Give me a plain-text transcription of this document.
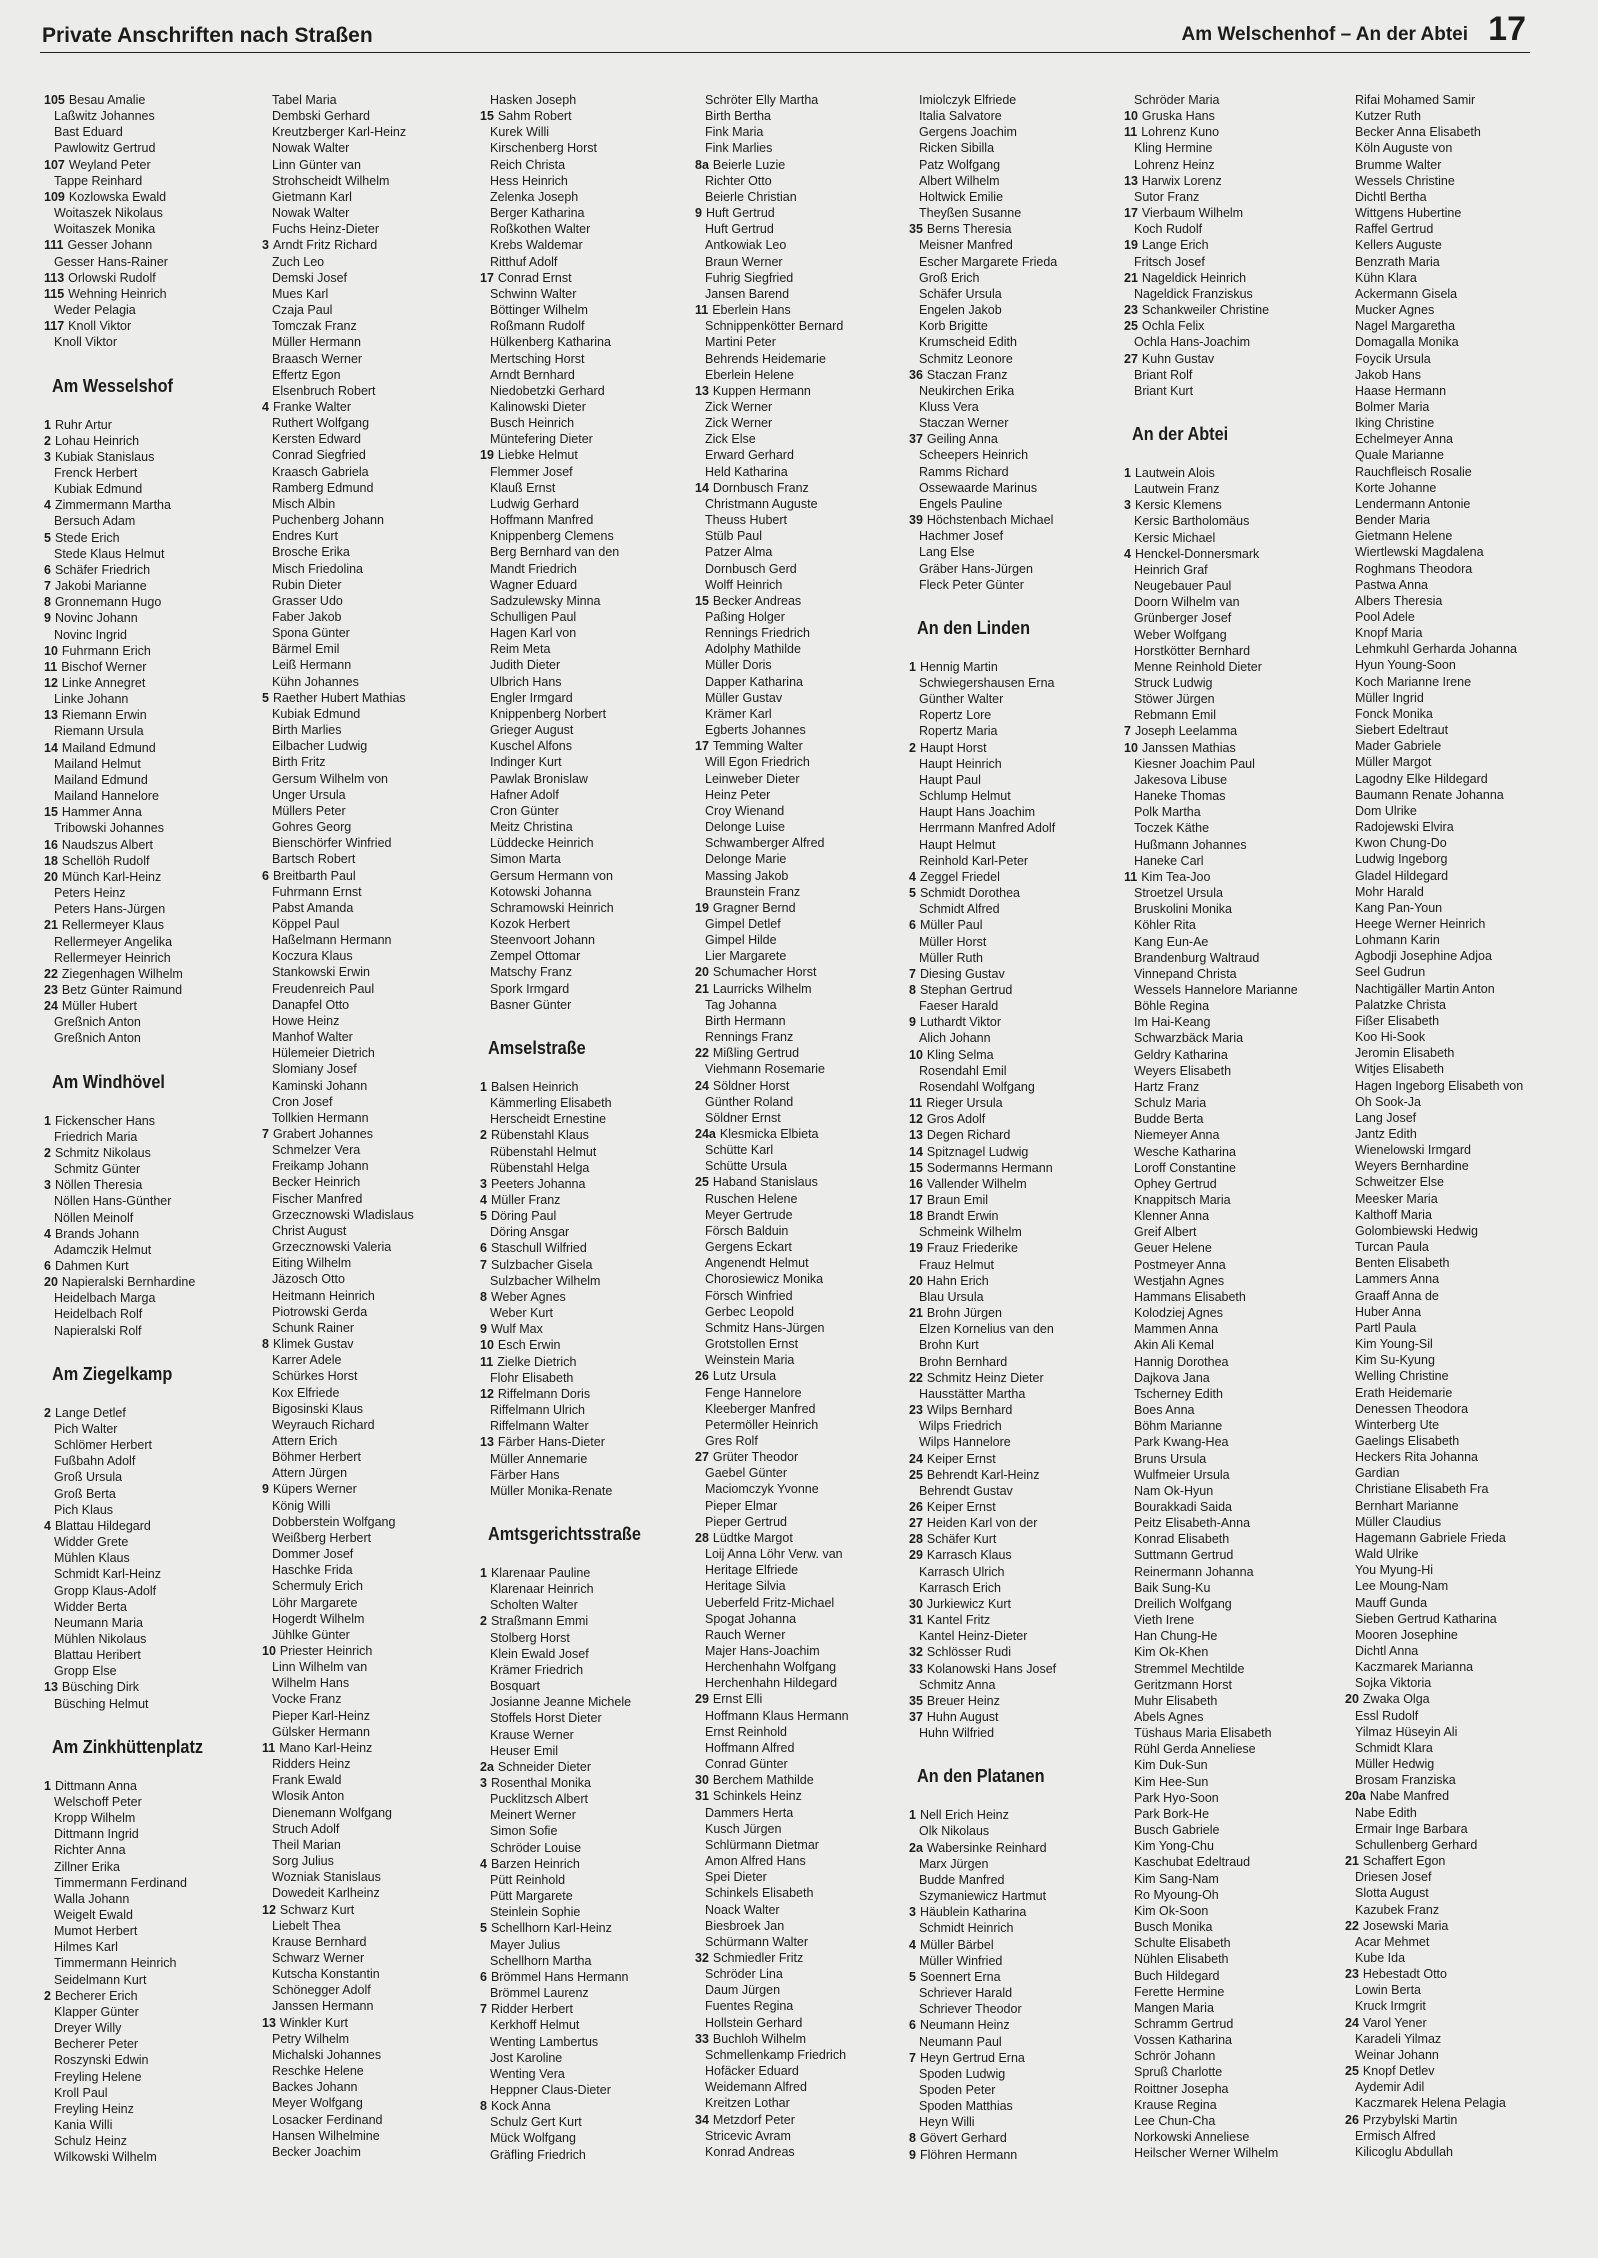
Private Anschriften nach Straßen	Am Welschenhof – An der Abtei 17
105 Besau Amalie
Laßwitz Johannes
Bast Eduard
Pawlowitz Gertrud
107 Weyland Peter
Tappe Reinhard
109 Kozlowska Ewald
Woitaszek Nikolaus
Woitaszek Monika
111 Gesser Johann
Gesser Hans-Rainer
113 Orlowski Rudolf
115 Wehning Heinrich
Weder Pelagia
117 Knoll Viktor
Knoll Viktor
Am Wesselshof
1 Ruhr Artur
2 Lohau Heinrich
3 Kubiak Stanislaus
Frenck Herbert
Kubiak Edmund
4 Zimmermann Martha
Bersuch Adam
5 Stede Erich
Stede Klaus Helmut
6 Schäfer Friedrich
7 Jakobi Marianne
8 Gronnemann Hugo
9 Novinc Johann
Novinc Ingrid
10 Fuhrmann Erich
11 Bischof Werner
12 Linke Annegret
Linke Johann
13 Riemann Erwin
Riemann Ursula
14 Mailand Edmund
Mailand Helmut
Mailand Edmund
Mailand Hannelore
15 Hammer Anna
Tribowski Johannes
16 Naudszus Albert
18 Schellöh Rudolf
20 Münch Karl-Heinz
Peters Heinz
Peters Hans-Jürgen
21 Rellermeyer Klaus
Rellermeyer Angelika
Rellermeyer Heinrich
22 Ziegenhagen Wilhelm
23 Betz Günter Raimund
24 Müller Hubert
Greßnich Anton
Greßnich Anton
Am Windhövel
1 Fickenscher Hans
Friedrich Maria
2 Schmitz Nikolaus
Schmitz Günter
3 Nöllen Theresia
Nöllen Hans-Günther
Nöllen Meinolf
4 Brands Johann
Adamczik Helmut
6 Dahmen Kurt
20 Napieralski Bernhardine
Heidelbach Marga
Heidelbach Rolf
Napieralski Rolf
Am Ziegelkamp
2 Lange Detlef
Pich Walter
Schlömer Herbert
Fußbahn Adolf
Groß Ursula
Groß Berta
Pich Klaus
4 Blattau Hildegard
Widder Grete
Mühlen Klaus
Schmidt Karl-Heinz
Gropp Klaus-Adolf
Widder Berta
Neumann Maria
Mühlen Nikolaus
Blattau Heribert
Gropp Else
13 Büsching Dirk
Büsching Helmut
Am Zinkhüttenplatz
1 Dittmann Anna
Welschoff Peter
Kropp Wilhelm
Dittmann Ingrid
Richter Anna
Zillner Erika
Timmermann Ferdinand
Walla Johann
Weigelt Ewald
Mumot Herbert
Hilmes Karl
Timmermann Heinrich
Seidelmann Kurt
2 Becherer Erich
Klapper Günter
Dreyer Willy
Becherer Peter
Roszynski Edwin
Freyling Helene
Kroll Paul
Freyling Heinz
Kania Willi
Schulz Heinz
Wilkowski Wilhelm
Tabel Maria
Dembski Gerhard
Kreutzberger Karl-Heinz
Nowak Walter
Linn Günter van
Strohscheidt Wilhelm
Gietmann Karl
Nowak Walter
Fuchs Heinz-Dieter
3 Arndt Fritz Richard
Zuch Leo
Demski Josef
Mues Karl
Czaja Paul
Tomczak Franz
Müller Hermann
Braasch Werner
Effertz Egon
Elsenbruch Robert
4 Franke Walter
Ruthert Wolfgang
Kersten Edward
Conrad Siegfried
Kraasch Gabriela
Ramberg Edmund
Misch Albin
Puchenberg Johann
Endres Kurt
Brosche Erika
Misch Friedolina
Rubin Dieter
Grasser Udo
Faber Jakob
Spona Günter
Bärmel Emil
Leiß Hermann
Kühn Johannes
5 Raether Hubert Mathias
Kubiak Edmund
Birth Marlies
Eilbacher Ludwig
Birth Fritz
Gersum Wilhelm von
Unger Ursula
Müllers Peter
Gohres Georg
Bienschörfer Winfried
Bartsch Robert
6 Breitbarth Paul
Fuhrmann Ernst
Pabst Amanda
Köppel Paul
Haßelmann Hermann
Koczura Klaus
Stankowski Erwin
Freudenreich Paul
Danapfel Otto
Howe Heinz
Manhof Walter
Hülemeier Dietrich
Slomiany Josef
Kaminski Johann
Cron Josef
Tollkien Hermann
7 Grabert Johannes
Schmelzer Vera
Freikamp Johann
Becker Heinrich
Fischer Manfred
Grzecznowski Wladislaus
Christ August
Grzecznowski Valeria
Eiting Wilhelm
Jäzosch Otto
Heitmann Heinrich
Piotrowski Gerda
Schunk Rainer
8 Klimek Gustav
Karrer Adele
Schürkes Horst
Kox Elfriede
Bigosinski Klaus
Weyrauch Richard
Attern Erich
Böhmer Herbert
Attern Jürgen
9 Küpers Werner
König Willi
Dobberstein Wolfgang
Weißberg Herbert
Dommer Josef
Haschke Frida
Schermuly Erich
Löhr Margarete
Hogerdt Wilhelm
Jühlke Günter
10 Priester Heinrich
Linn Wilhelm van
Wilhelm Hans
Vocke Franz
Pieper Karl-Heinz
Gülsker Hermann
11 Mano Karl-Heinz
Ridders Heinz
Frank Ewald
Wlosik Anton
Dienemann Wolfgang
Struch Adolf
Theil Marian
Sorg Julius
Wozniak Stanislaus
Dowedeit Karlheinz
12 Schwarz Kurt
Liebelt Thea
Krause Bernhard
Schwarz Werner
Kutscha Konstantin
Schönegger Adolf
Janssen Hermann
13 Winkler Kurt
Petry Wilhelm
Michalski Johannes
Reschke Helene
Backes Johann
Meyer Wolfgang
Losacker Ferdinand
Hansen Wilhelmine
Becker Joachim
Hasken Joseph
15 Sahm Robert
Kurek Willi
Kirschenberg Horst
Reich Christa
Hess Heinrich
Zelenka Joseph
Berger Katharina
Roßkothen Walter
Krebs Waldemar
Ritthuf Adolf
17 Conrad Ernst
Schwinn Walter
Böttinger Wilhelm
Roßmann Rudolf
Hülkenberg Katharina
Mertsching Horst
Arndt Bernhard
Niedobetzki Gerhard
Kalinowski Dieter
Busch Heinrich
Müntefering Dieter
19 Liebke Helmut
Flemmer Josef
Klauß Ernst
Ludwig Gerhard
Hoffmann Manfred
Knippenberg Clemens
Berg Bernhard van den
Mandt Friedrich
Wagner Eduard
Sadzulewsky Minna
Schulligen Paul
Hagen Karl von
Reim Meta
Judith Dieter
Ulbrich Hans
Engler Irmgard
Knippenberg Norbert
Grieger August
Kuschel Alfons
Indinger Kurt
Pawlak Bronislaw
Hafner Adolf
Cron Günter
Meitz Christina
Lüddecke Heinrich
Simon Marta
Gersum Hermann von
Kotowski Johanna
Schramowski Heinrich
Kozok Herbert
Steenvoort Johann
Zempel Ottomar
Matschy Franz
Spork Irmgard
Basner Günter
Amselstraße
1 Balsen Heinrich
Kämmerling Elisabeth
Herscheidt Ernestine
2 Rübenstahl Klaus
Rübenstahl Helmut
Rübenstahl Helga
3 Peeters Johanna
4 Müller Franz
5 Döring Paul
Döring Ansgar
6 Staschull Wilfried
7 Sulzbacher Gisela
Sulzbacher Wilhelm
8 Weber Agnes
Weber Kurt
9 Wulf Max
10 Esch Erwin
11 Zielke Dietrich
Flohr Elisabeth
12 Riffelmann Doris
Riffelmann Ulrich
Riffelmann Walter
13 Färber Hans-Dieter
Müller Annemarie
Färber Hans
Müller Monika-Renate
Amtsgerichtsstraße
1 Klarenaar Pauline
Klarenaar Heinrich
Scholten Walter
2 Straßmann Emmi
Stolberg Horst
Klein Ewald Josef
Krämer Friedrich
Bosquart
Josianne Jeanne Michele
Stoffels Horst Dieter
Krause Werner
Heuser Emil
2a Schneider Dieter
3 Rosenthal Monika
Pucklitzsch Albert
Meinert Werner
Simon Sofie
Schröder Louise
4 Barzen Heinrich
Pütt Reinhold
Pütt Margarete
Steinlein Sophie
5 Schellhorn Karl-Heinz
Mayer Julius
Schellhorn Martha
6 Brömmel Hans Hermann
Brömmel Laurenz
7 Ridder Herbert
Kerkhoff Helmut
Wenting Lambertus
Jost Karoline
Wenting Vera
Heppner Claus-Dieter
8 Kock Anna
Schulz Gert Kurt
Mück Wolfgang
Gräfling Friedrich
Schröter Elly Martha
Birth Bertha
Fink Maria
Fink Marlies
8a Beierle Luzie
Richter Otto
Beierle Christian
9 Huft Gertrud
Huft Gertrud
Antkowiak Leo
Braun Werner
Fuhrig Siegfried
Jansen Barend
11 Eberlein Hans
Schnippenkötter Bernard
Martini Peter
Behrends Heidemarie
Eberlein Helene
13 Kuppen Hermann
Zick Werner
Zick Werner
Zick Else
Erward Gerhard
Held Katharina
14 Dornbusch Franz
Christmann Auguste
Theuss Hubert
Stülb Paul
Patzer Alma
Dornbusch Gerd
Wolff Heinrich
15 Becker Andreas
Paßing Holger
Rennings Friedrich
Adolphy Mathilde
Müller Doris
Dapper Katharina
Müller Gustav
Krämer Karl
Egberts Johannes
17 Temming Walter
Will Egon Friedrich
Leinweber Dieter
Heinz Peter
Croy Wienand
Delonge Luise
Schwamberger Alfred
Delonge Marie
Massing Jakob
Braunstein Franz
19 Gragner Bernd
Gimpel Detlef
Gimpel Hilde
Lier Margarete
20 Schumacher Horst
21 Laurricks Wilhelm
Tag Johanna
Birth Hermann
Rennings Franz
22 Mißling Gertrud
Viehmann Rosemarie
24 Söldner Horst
Günther Roland
Söldner Ernst
24a Klesmicka Elbieta
Schütte Karl
Schütte Ursula
25 Haband Stanislaus
Ruschen Helene
Meyer Gertrude
Försch Balduin
Gergens Eckart
Angenendt Helmut
Chorosiewicz Monika
Försch Winfried
Gerbec Leopold
Schmitz Hans-Jürgen
Grotstollen Ernst
Weinstein Maria
26 Lutz Ursula
Fenge Hannelore
Kleeberger Manfred
Petermöller Heinrich
Gres Rolf
27 Grüter Theodor
Gaebel Günter
Maciomczyk Yvonne
Pieper Elmar
Pieper Gertrud
28 Lüdtke Margot
Loij Anna Löhr Verw. van
Heritage Elfriede
Heritage Silvia
Ueberfeld Fritz-Michael
Spogat Johanna
Rauch Werner
Majer Hans-Joachim
Herchenhahn Wolfgang
Herchenhahn Hildegard
29 Ernst Elli
Hoffmann Klaus Hermann
Ernst Reinhold
Hoffmann Alfred
Conrad Günter
30 Berchem Mathilde
31 Schinkels Heinz
Dammers Herta
Kusch Jürgen
Schlürmann Dietmar
Amon Alfred Hans
Spei Dieter
Schinkels Elisabeth
Noack Walter
Biesbroek Jan
Schürmann Walter
32 Schmiedler Fritz
Schröder Lina
Daum Jürgen
Fuentes Regina
Hollstein Gerhard
33 Buchloh Wilhelm
Schmellenkamp Friedrich
Hofäcker Eduard
Weidemann Alfred
Kreitzen Lothar
34 Metzdorf Peter
Stricevic Avram
Konrad Andreas
Imiolczyk Elfriede
Italia Salvatore
Gergens Joachim
Ricken Sibilla
Patz Wolfgang
Albert Wilhelm
Holtwick Emilie
Theyßen Susanne
35 Berns Theresia
Meisner Manfred
Escher Margarete Frieda
Groß Erich
Schäfer Ursula
Engelen Jakob
Korb Brigitte
Krumscheid Edith
Schmitz Leonore
36 Staczan Franz
Neukirchen Erika
Kluss Vera
Staczan Werner
37 Geiling Anna
Scheepers Heinrich
Ramms Richard
Ossewaarde Marinus
Engels Pauline
39 Höchstenbach Michael
Hachmer Josef
Lang Else
Gräber Hans-Jürgen
Fleck Peter Günter
An den Linden
1 Hennig Martin
Schwiegershausen Erna
Günther Walter
Ropertz Lore
Ropertz Maria
2 Haupt Horst
Haupt Heinrich
Haupt Paul
Schlump Helmut
Haupt Hans Joachim
Herrmann Manfred Adolf
Haupt Helmut
Reinhold Karl-Peter
4 Zeggel Friedel
5 Schmidt Dorothea
Schmidt Alfred
6 Müller Paul
Müller Horst
Müller Ruth
7 Diesing Gustav
8 Stephan Gertrud
Faeser Harald
9 Luthardt Viktor
Alich Johann
10 Kling Selma
Rosendahl Emil
Rosendahl Wolfgang
11 Rieger Ursula
12 Gros Adolf
13 Degen Richard
14 Spitznagel Ludwig
15 Sodermanns Hermann
16 Vallender Wilhelm
17 Braun Emil
18 Brandt Erwin
Schmeink Wilhelm
19 Frauz Friederike
Frauz Helmut
20 Hahn Erich
Blau Ursula
21 Brohn Jürgen
Elzen Kornelius van den
Brohn Kurt
Brohn Bernhard
22 Schmitz Heinz Dieter
Hausstätter Martha
23 Wilps Bernhard
Wilps Friedrich
Wilps Hannelore
24 Keiper Ernst
25 Behrendt Karl-Heinz
Behrendt Gustav
26 Keiper Ernst
27 Heiden Karl von der
28 Schäfer Kurt
29 Karrasch Klaus
Karrasch Ulrich
Karrasch Erich
30 Jurkiewicz Kurt
31 Kantel Fritz
Kantel Heinz-Dieter
32 Schlösser Rudi
33 Kolanowski Hans Josef
Schmitz Anna
35 Breuer Heinz
37 Huhn August
Huhn Wilfried
An den Platanen
1 Nell Erich Heinz
Olk Nikolaus
2a Wabersinke Reinhard
Marx Jürgen
Budde Manfred
Szymaniewicz Hartmut
3 Häublein Katharina
Schmidt Heinrich
4 Müller Bärbel
Müller Winfried
5 Soennert Erna
Schriever Harald
Schriever Theodor
6 Neumann Heinz
Neumann Paul
7 Heyn Gertrud Erna
Spoden Ludwig
Spoden Peter
Spoden Matthias
Heyn Willi
8 Gövert Gerhard
9 Flöhren Hermann
Schröder Maria
10 Gruska Hans
11 Lohrenz Kuno
Kling Hermine
Lohrenz Heinz
13 Harwix Lorenz
Sutor Franz
17 Vierbaum Wilhelm
Koch Rudolf
19 Lange Erich
Fritsch Josef
21 Nageldick Heinrich
Nageldick Franziskus
23 Schankweiler Christine
25 Ochla Felix
Ochla Hans-Joachim
27 Kuhn Gustav
Briant Rolf
Briant Kurt
An der Abtei
1 Lautwein Alois
Lautwein Franz
3 Kersic Klemens
Kersic Bartholomäus
Kersic Michael
4 Henckel-Donnersmark
Heinrich Graf
Neugebauer Paul
Doorn Wilhelm van
Grünberger Josef
Weber Wolfgang
Horstkötter Bernhard
Menne Reinhold Dieter
Struck Ludwig
Stöwer Jürgen
Rebmann Emil
7 Joseph Leelamma
10 Janssen Mathias
Kiesner Joachim Paul
Jakesova Libuse
Haneke Thomas
Polk Martha
Toczek Käthe
Hußmann Johannes
Haneke Carl
11 Kim Tea-Joo
Stroetzel Ursula
Bruskolini Monika
Köhler Rita
Kang Eun-Ae
Brandenburg Waltraud
Vinnepand Christa
Wessels Hannelore Marianne
Böhle Regina
Im Hai-Keang
Schwarzbäck Maria
Geldry Katharina
Weyers Elisabeth
Hartz Franz
Schulz Maria
Budde Berta
Niemeyer Anna
Wesche Katharina
Loroff Constantine
Ophey Gertrud
Knappitsch Maria
Klenner Anna
Greif Albert
Geuer Helene
Postmeyer Anna
Westjahn Agnes
Hammans Elisabeth
Kolodziej Agnes
Mammen Anna
Akin Ali Kemal
Hannig Dorothea
Dajkova Jana
Tscherney Edith
Boes Anna
Böhm Marianne
Park Kwang-Hea
Bruns Ursula
Wulfmeier Ursula
Nam Ok-Hyun
Bourakkadi Saida
Peitz Elisabeth-Anna
Konrad Elisabeth
Suttmann Gertrud
Reinermann Johanna
Baik Sung-Ku
Dreilich Wolfgang
Vieth Irene
Han Chung-He
Kim Ok-Khen
Stremmel Mechtilde
Geritzmann Horst
Muhr Elisabeth
Abels Agnes
Tüshaus Maria Elisabeth
Rühl Gerda Anneliese
Kim Duk-Sun
Kim Hee-Sun
Park Hyo-Soon
Park Bork-He
Busch Gabriele
Kim Yong-Chu
Kaschubat Edeltraud
Kim Sang-Nam
Ro Myoung-Oh
Kim Ok-Soon
Busch Monika
Schulte Elisabeth
Nühlen Elisabeth
Buch Hildegard
Ferette Hermine
Mangen Maria
Schramm Gertrud
Vossen Katharina
Schrör Johann
Spruß Charlotte
Roittner Josepha
Krause Regina
Lee Chun-Cha
Norkowski Anneliese
Heilscher Werner Wilhelm
Rifai Mohamed Samir
Kutzer Ruth
Becker Anna Elisabeth
Köln Auguste von
Brumme Walter
Wessels Christine
Dichtl Bertha
Wittgens Hubertine
Raffel Gertrud
Kellers Auguste
Benzrath Maria
Kühn Klara
Ackermann Gisela
Mucker Agnes
Nagel Margaretha
Domagalla Monika
Foycik Ursula
Jakob Hans
Haase Hermann
Bolmer Maria
Iking Christine
Echelmeyer Anna
Quale Marianne
Rauchfleisch Rosalie
Korte Johanne
Lendermann Antonie
Bender Maria
Gietmann Helene
Wiertlewski Magdalena
Roghmans Theodora
Pastwa Anna
Albers Theresia
Pool Adele
Knopf Maria
Lehmkuhl Gerharda Johanna
Hyun Young-Soon
Koch Marianne Irene
Müller Ingrid
Fonck Monika
Siebert Edeltraut
Mader Gabriele
Müller Margot
Lagodny Elke Hildegard
Baumann Renate Johanna
Dom Ulrike
Radojewski Elvira
Kwon Chung-Do
Ludwig Ingeborg
Gladel Hildegard
Mohr Harald
Kang Pan-Youn
Heege Werner Heinrich
Lohmann Karin
Agbodji Josephine Adjoa
Seel Gudrun
Nachtigäller Martin Anton
Palatzke Christa
Fißer Elisabeth
Koo Hi-Sook
Jeromin Elisabeth
Witjes Elisabeth
Hagen Ingeborg Elisabeth von
Oh Sook-Ja
Lang Josef
Jantz Edith
Wienelowski Irmgard
Weyers Bernhardine
Schweitzer Else
Meesker Maria
Kalthoff Maria
Golombiewski Hedwig
Turcan Paula
Benten Elisabeth
Lammers Anna
Graaff Anna de
Huber Anna
Partl Paula
Kim Young-Sil
Kim Su-Kyung
Welling Christine
Erath Heidemarie
Denessen Theodora
Winterberg Ute
Gaelings Elisabeth
Heckers Rita Johanna
Gardian
Christiane Elisabeth Fra
Bernhart Marianne
Müller Claudius
Hagemann Gabriele Frieda
Wald Ulrike
You Myung-Hi
Lee Moung-Nam
Mauff Gunda
Sieben Gertrud Katharina
Mooren Josephine
Dichtl Anna
Kaczmarek Marianna
Sojka Viktoria
20 Zwaka Olga
Essl Rudolf
Yilmaz Hüseyin Ali
Schmidt Klara
Müller Hedwig
Brosam Franziska
20a Nabe Manfred
Nabe Edith
Ermair Inge Barbara
Schullenberg Gerhard
21 Schaffert Egon
Driesen Josef
Slotta August
Kazubek Franz
22 Josewski Maria
Acar Mehmet
Kube Ida
23 Hebestadt Otto
Lowin Berta
Kruck Irmgrit
24 Varol Yener
Karadeli Yilmaz
Weinar Johann
25 Knopf Detlev
Aydemir Adil
Kaczmarek Helena Pelagia
26 Przybylski Martin
Ermisch Alfred
Kilicoglu Abdullah
